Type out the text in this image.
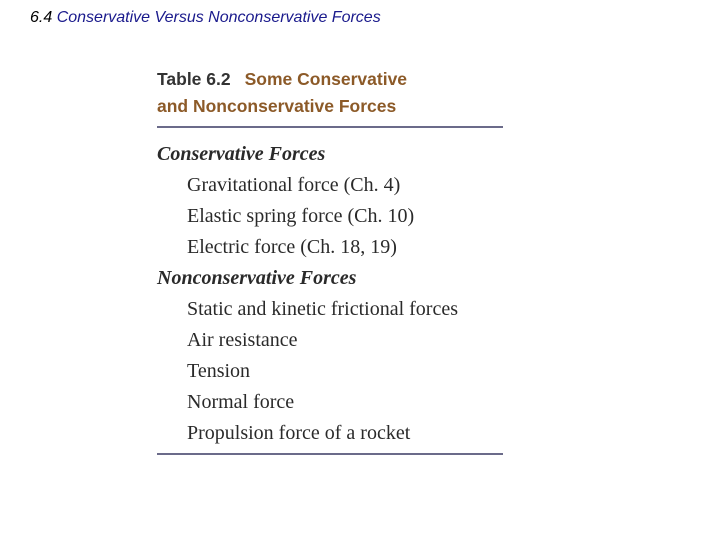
6.4 Conservative Versus Nonconservative Forces
Table 6.2 Some Conservative
and Nonconservative Forces
Conservative Forces
Gravitational force (Ch. 4)
Elastic spring force (Ch. 10)
Electric force (Ch. 18, 19)
Nonconservative Forces
Static and kinetic frictional forces
Air resistance
Tension
Normal force
Propulsion force of a rocket
